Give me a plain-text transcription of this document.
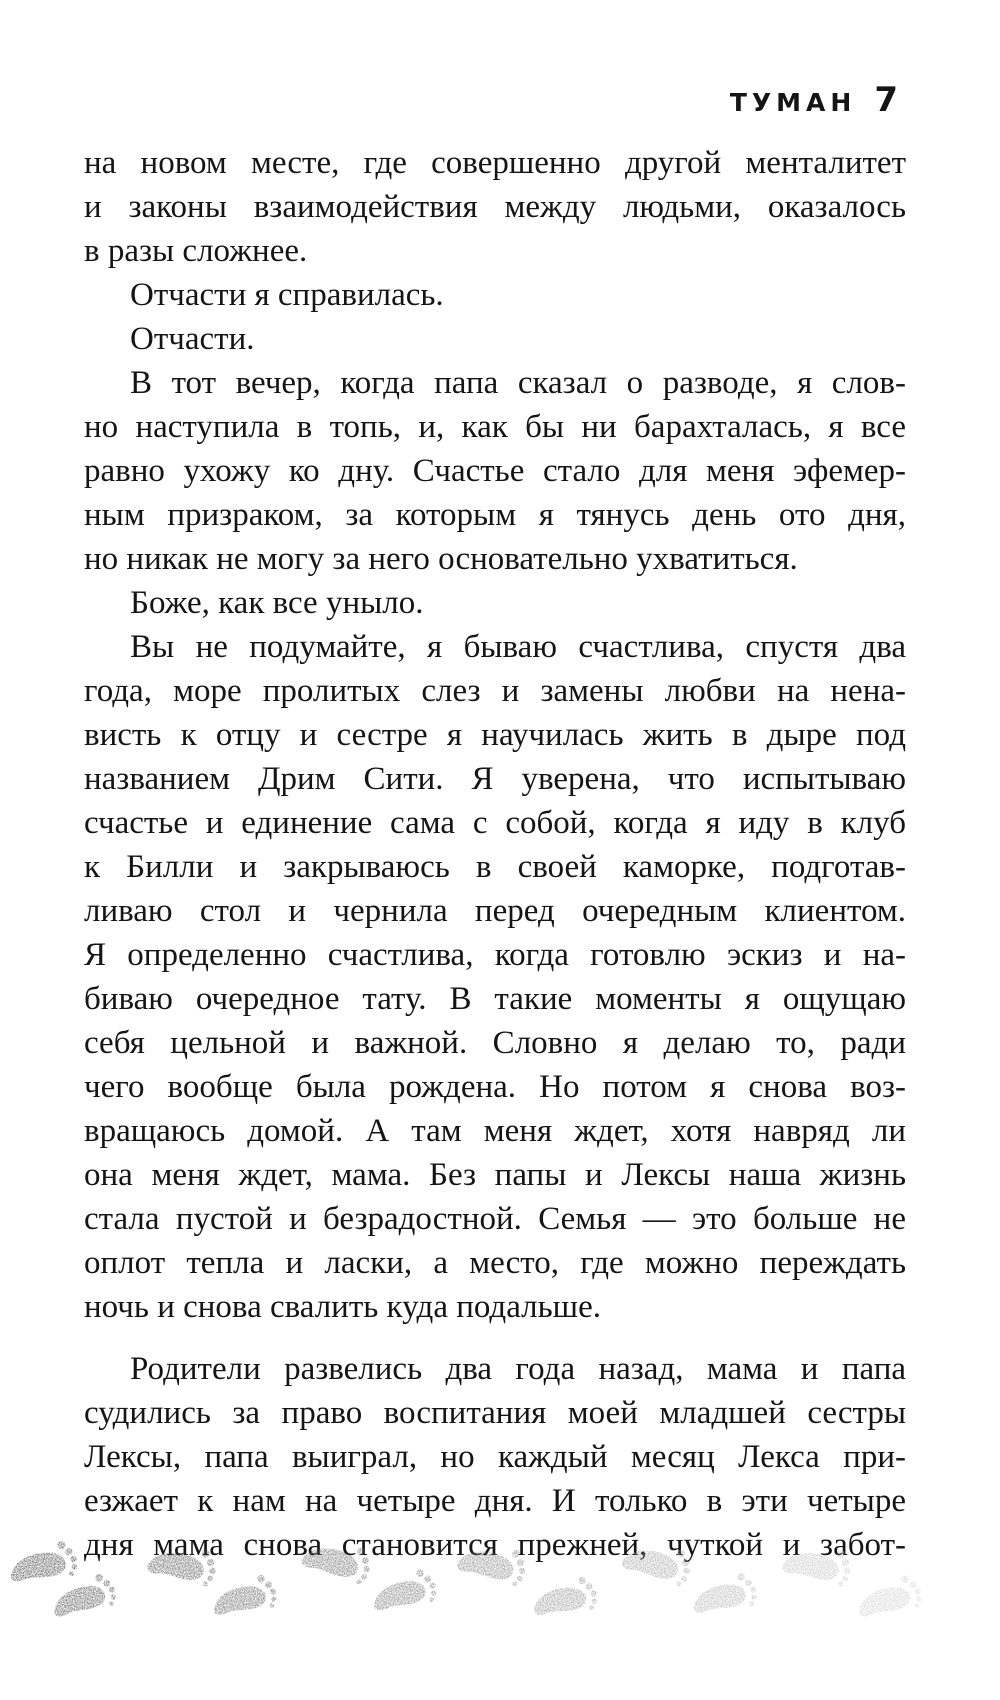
ТУМАН 7
на новом месте, где совершенно другой менталитет
и законы взаимодействия между людьми, оказалось
в разы сложнее.
Отчасти я справилась.
Отчасти.
В тот вечер, когда папа сказал о разводе, я слов-
но наступила в топь, и, как бы ни барахталась, я все
равно ухожу ко дну. Счастье стало для меня эфемер-
ным призраком, за которым я тянусь день ото дня,
но никак не могу за него основательно ухватиться.
Боже, как все уныло.
Вы не подумайте, я бываю счастлива, спустя два
года, море пролитых слез и замены любви на нена-
висть к отцу и сестре я научилась жить в дыре под
названием Дрим Сити. Я уверена, что испытываю
счастье и единение сама с собой, когда я иду в клуб
к Билли и закрываюсь в своей каморке, подготав-
ливаю стол и чернила перед очередным клиентом.
Я определенно счастлива, когда готовлю эскиз и на-
биваю очередное тату. В такие моменты я ощущаю
себя цельной и важной. Словно я делаю то, ради
чего вообще была рождена. Но потом я снова воз-
вращаюсь домой. А там меня ждет, хотя навряд ли
она меня ждет, мама. Без папы и Лексы наша жизнь
стала пустой и безрадостной. Семья — это больше не
оплот тепла и ласки, а место, где можно переждать
ночь и снова свалить куда подальше.
Родители развелись два года назад, мама и папа
судились за право воспитания моей младшей сестры
Лексы, папа выиграл, но каждый месяц Лекса при-
езжает к нам на четыре дня. И только в эти четыре
дня мама снова становится прежней, чуткой и забот-
